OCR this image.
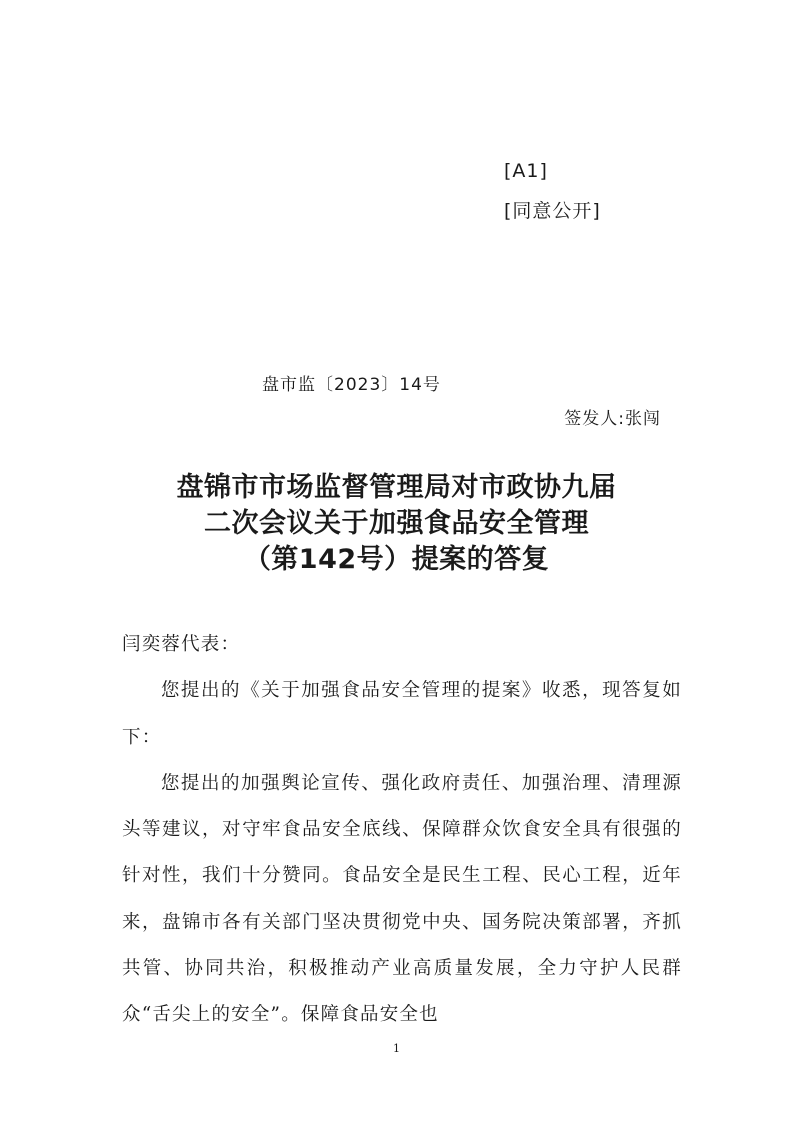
[A1]
[同意公开]
盘市监〔2023〕14号
签发人:张闯
盘锦市市场监督管理局对市政协九届
二次会议关于加强食品安全管理
（第142号）提案的答复

闫奕蓉代表：

您提出的《关于加强食品安全管理的提案》收悉，现答复如下：

您提出的加强舆论宣传、强化政府责任、加强治理、清理源头等建议，对守牢食品安全底线、保障群众饮食安全具有很强的针对性，我们十分赞同。食品安全是民生工程、民心工程，近年来，盘锦市各有关部门坚决贯彻党中央、国务院决策部署，齐抓共管、协同共治，积极推动产业高质量发展，全力守护人民群众“舌尖上的安全”。保障食品安全也

1
